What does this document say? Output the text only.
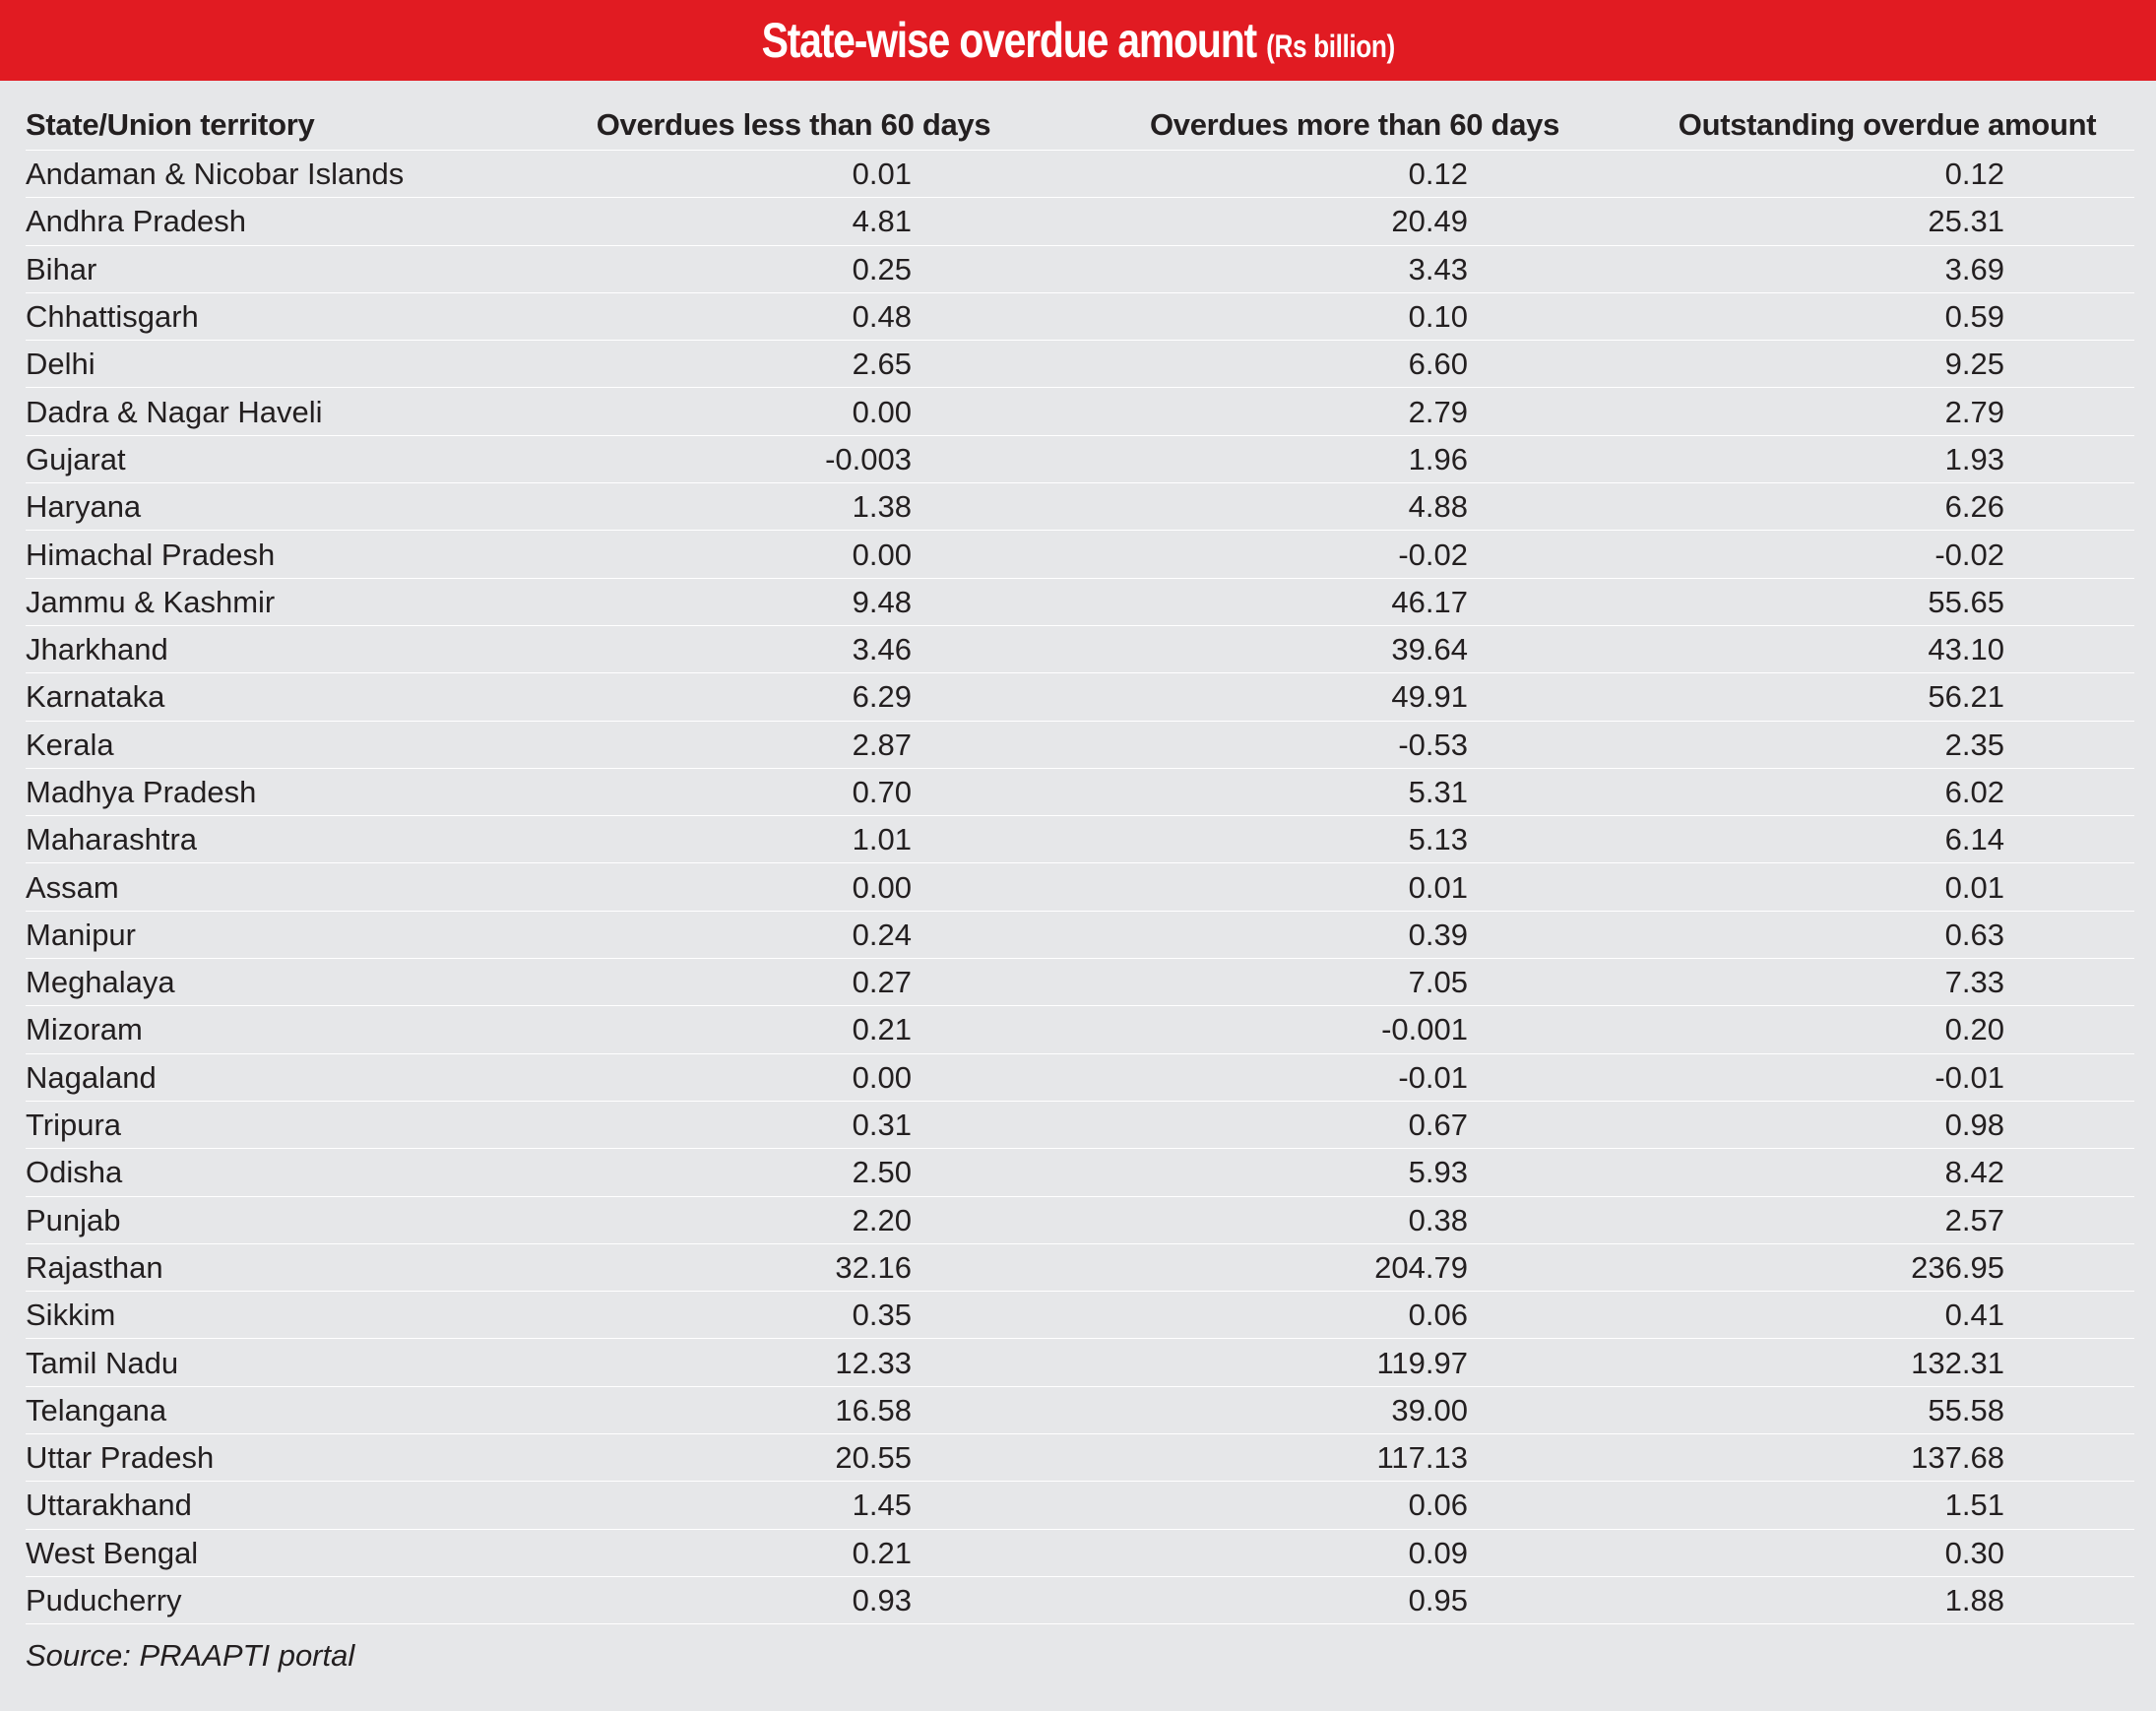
State-wise overdue amount (Rs billion)
State/Union territory	Overdues less than 60 days	Overdues more than 60 days	Outstanding overdue amount
Andaman & Nicobar Islands	0.01	0.12	0.12
Andhra Pradesh	4.81	20.49	25.31
Bihar	0.25	3.43	3.69
Chhattisgarh	0.48	0.10	0.59
Delhi	2.65	6.60	9.25
Dadra & Nagar Haveli	0.00	2.79	2.79
Gujarat	-0.003	1.96	1.93
Haryana	1.38	4.88	6.26
Himachal Pradesh	0.00	-0.02	-0.02
Jammu & Kashmir	9.48	46.17	55.65
Jharkhand	3.46	39.64	43.10
Karnataka	6.29	49.91	56.21
Kerala	2.87	-0.53	2.35
Madhya Pradesh	0.70	5.31	6.02
Maharashtra	1.01	5.13	6.14
Assam	0.00	0.01	0.01
Manipur	0.24	0.39	0.63
Meghalaya	0.27	7.05	7.33
Mizoram	0.21	-0.001	0.20
Nagaland	0.00	-0.01	-0.01
Tripura	0.31	0.67	0.98
Odisha	2.50	5.93	8.42
Punjab	2.20	0.38	2.57
Rajasthan	32.16	204.79	236.95
Sikkim	0.35	0.06	0.41
Tamil Nadu	12.33	119.97	132.31
Telangana	16.58	39.00	55.58
Uttar Pradesh	20.55	117.13	137.68
Uttarakhand	1.45	0.06	1.51
West Bengal	0.21	0.09	0.30
Puducherry	0.93	0.95	1.88
Source: PRAAPTI portal
